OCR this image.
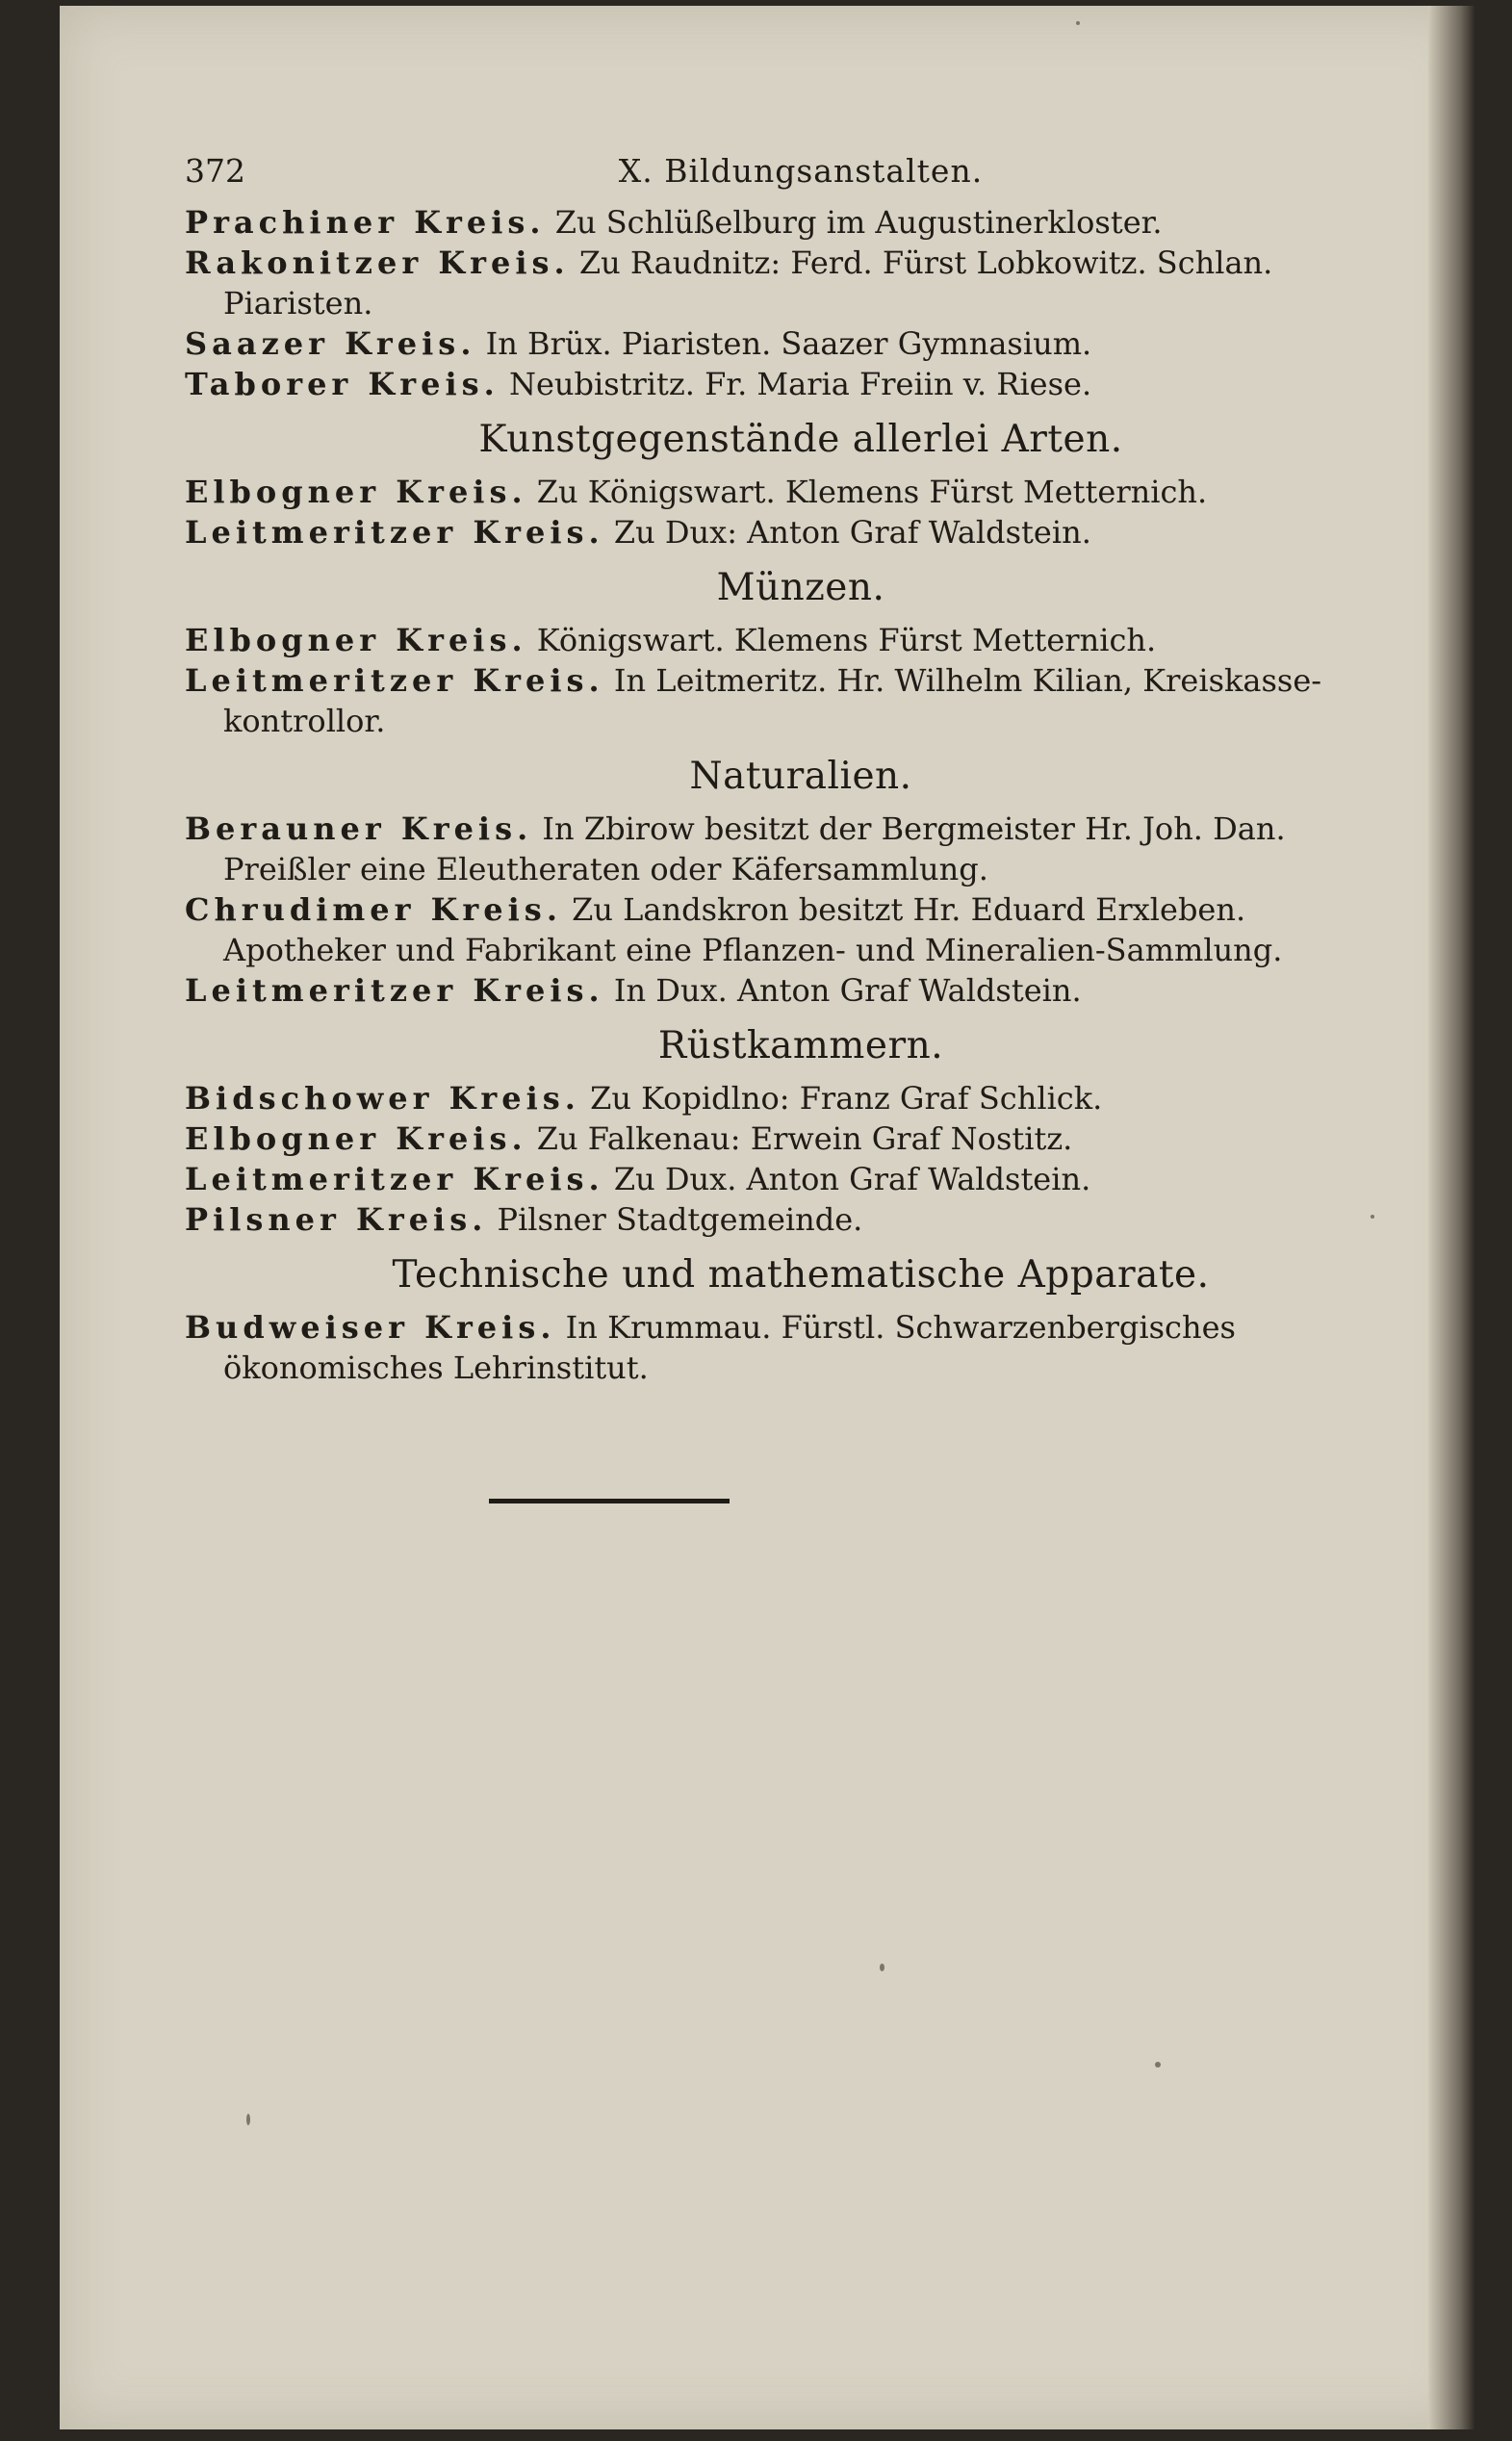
372	X. Bildungsanstalten.

Prachiner Kreis. Zu Schlüßelburg im Augustinerkloster.

Rakonitzer Kreis. Zu Raudnitz: Ferd. Fürst Lobkowitz. Schlan. Piaristen.

Saazer Kreis. In Brüx. Piaristen. Saazer Gymnasium.

Taborer Kreis. Neubistritz. Fr. Maria Freiin v. Riese.

Kunstgegenstände allerlei Arten.

Elbogner Kreis. Zu Königswart. Klemens Fürst Metternich.

Leitmeritzer Kreis. Zu Dux: Anton Graf Waldstein.

Münzen.

Elbogner Kreis. Königswart. Klemens Fürst Metternich.

Leitmeritzer Kreis. In Leitmeritz. Hr. Wilhelm Kilian, Kreiskasse-kontrollor.

Naturalien.

Berauner Kreis. In Zbirow besitzt der Bergmeister Hr. Joh. Dan. Preißler eine Eleutheraten oder Käfersammlung.

Chrudimer Kreis. Zu Landskron besitzt Hr. Eduard Erxleben. Apotheker und Fabrikant eine Pflanzen- und Mineralien-Sammlung.

Leitmeritzer Kreis. In Dux. Anton Graf Waldstein.

Rüstkammern.

Bidschower Kreis. Zu Kopidlno: Franz Graf Schlick.

Elbogner Kreis. Zu Falkenau: Erwein Graf Nostitz.

Leitmeritzer Kreis. Zu Dux. Anton Graf Waldstein.

Pilsner Kreis. Pilsner Stadtgemeinde.

Technische und mathematische Apparate.

Budweiser Kreis. In Krummau. Fürstl. Schwarzenbergisches ökonomisches Lehrinstitut.
